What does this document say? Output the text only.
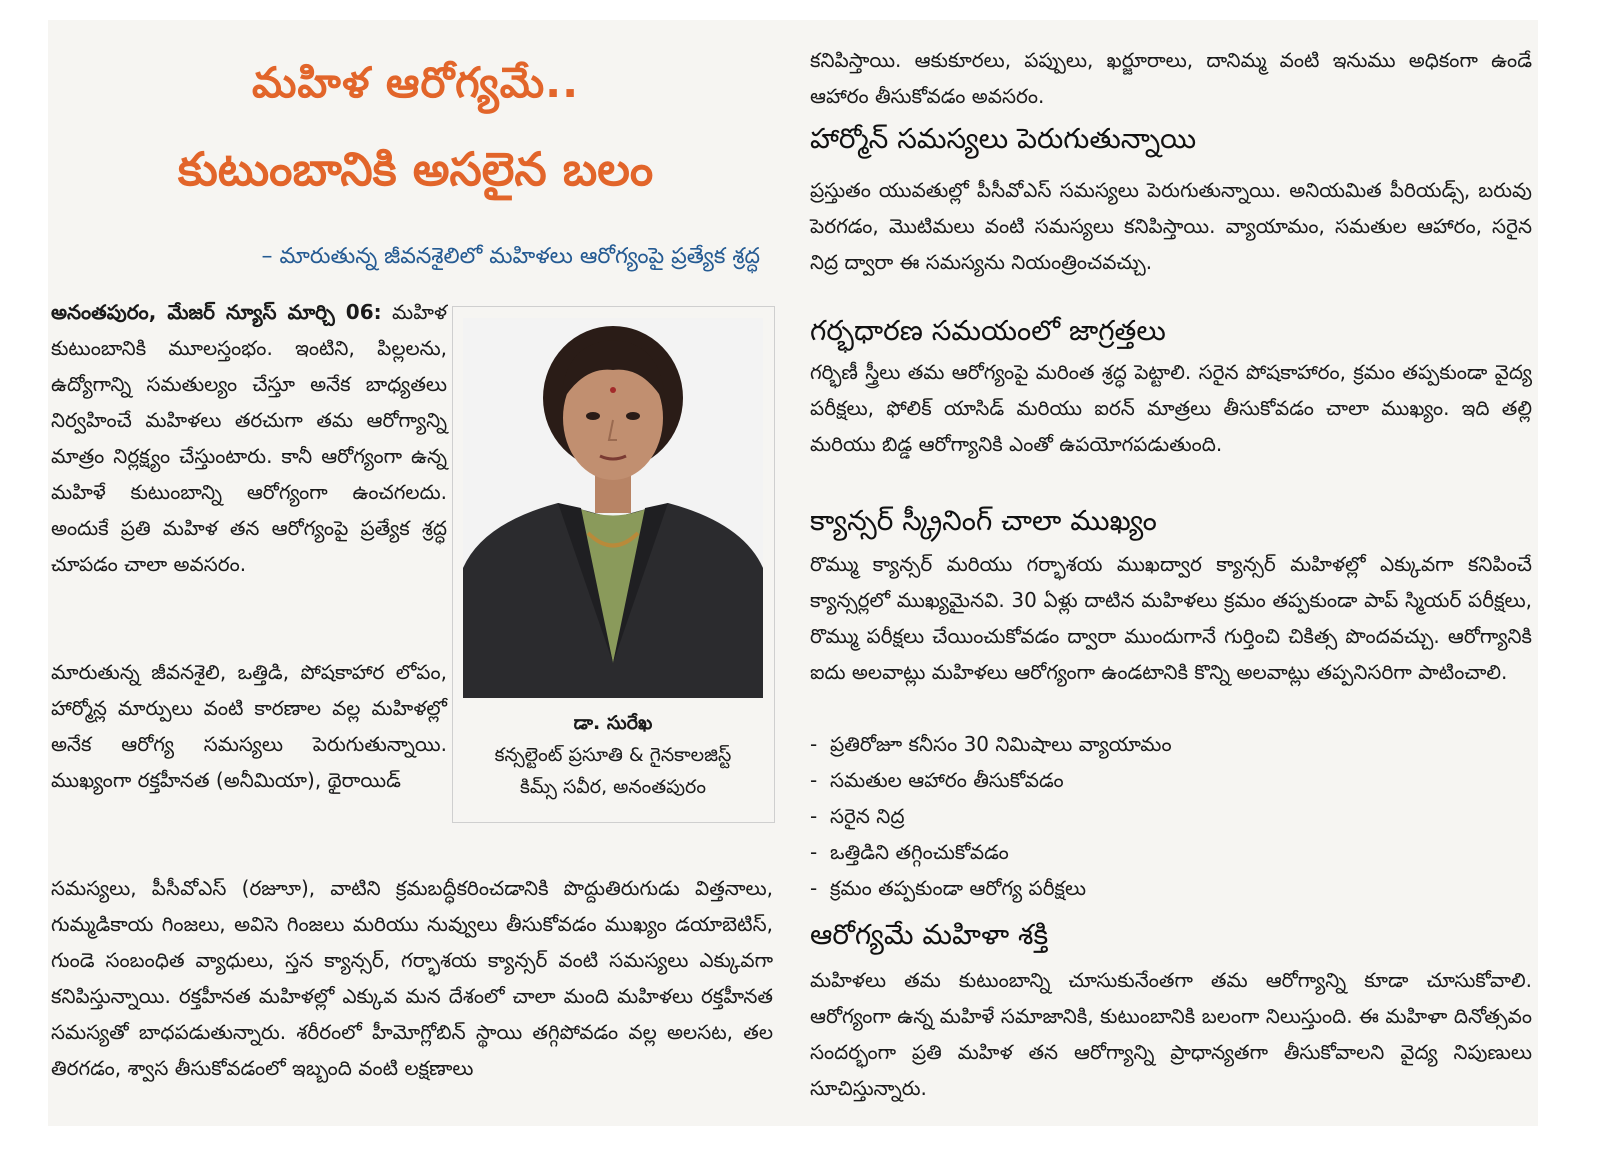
మహిళ ఆరోగ్యమే..
కుటుంబానికి అసలైన బలం
– మారుతున్న జీవనశైలిలో మహిళలు ఆరోగ్యంపై ప్రత్యేక శ్రద్ధ
అనంతపురం, మేజర్ న్యూస్ మార్చి 06: మహిళ కుటుంబానికి మూలస్తంభం. ఇంటిని, పిల్లలను, ఉద్యోగాన్ని సమతుల్యం చేస్తూ అనేక బాధ్యతలు నిర్వహించే మహిళలు తరచుగా తమ ఆరోగ్యాన్ని మాత్రం నిర్లక్ష్యం చేస్తుంటారు. కానీ ఆరోగ్యంగా ఉన్న మహిళే కుటుంబాన్ని ఆరోగ్యంగా ఉంచగలదు. అందుకే ప్రతి మహిళ తన ఆరోగ్యంపై ప్రత్యేక శ్రద్ధ చూపడం చాలా అవసరం.
మారుతున్న జీవనశైలి, ఒత్తిడి, పోషకాహార లోపం, హార్మోన్ల మార్పులు వంటి కారణాల వల్ల మహిళల్లో అనేక ఆరోగ్య సమస్యలు పెరుగుతున్నాయి. ముఖ్యంగా రక్తహీనత (అనీమియా), థైరాయిడ్
సమస్యలు, పీసీవోఎస్ (రజూూ), వాటిని క్రమబద్ధీకరించడానికి పొద్దుతిరుగుడు విత్తనాలు, గుమ్మడికాయ గింజలు, అవిసె గింజలు మరియు నువ్వులు తీసుకోవడం ముఖ్యం డయాబెటిస్, గుండె సంబంధిత వ్యాధులు, స్తన క్యాన్సర్, గర్భాశయ క్యాన్సర్ వంటి సమస్యలు ఎక్కువగా కనిపిస్తున్నాయి. రక్తహీనత మహిళల్లో ఎక్కువ మన దేశంలో చాలా మంది మహిళలు రక్తహీనత సమస్యతో బాధపడుతున్నారు. శరీరంలో హీమోగ్లోబిన్ స్థాయి తగ్గిపోవడం వల్ల అలసట, తల తిరగడం, శ్వాస తీసుకోవడంలో ఇబ్బంది వంటి లక్షణాలు
డా. సురేఖ
కన్సల్టెంట్ ప్రసూతి & గైనకాలజిస్ట్
కిమ్స్ సవీర, అనంతపురం
కనిపిస్తాయి. ఆకుకూరలు, పప్పులు, ఖర్జూరాలు, దానిమ్మ వంటి ఇనుము అధికంగా ఉండే ఆహారం తీసుకోవడం అవసరం.
హార్మోన్ సమస్యలు పెరుగుతున్నాయి
ప్రస్తుతం యువతుల్లో పీసీవోఎస్ సమస్యలు పెరుగుతున్నాయి. అనియమిత పీరియడ్స్, బరువు పెరగడం, మొటిమలు వంటి సమస్యలు కనిపిస్తాయి. వ్యాయామం, సమతుల ఆహారం, సరైన నిద్ర ద్వారా ఈ సమస్యను నియంత్రించవచ్చు.
గర్భధారణ సమయంలో జాగ్రత్తలు
గర్భిణీ స్త్రీలు తమ ఆరోగ్యంపై మరింత శ్రద్ధ పెట్టాలి. సరైన పోషకాహారం, క్రమం తప్పకుండా వైద్య పరీక్షలు, ఫోలిక్ యాసిడ్ మరియు ఐరన్ మాత్రలు తీసుకోవడం చాలా ముఖ్యం. ఇది తల్లి మరియు బిడ్డ ఆరోగ్యానికి ఎంతో ఉపయోగపడుతుంది.
క్యాన్సర్ స్క్రీనింగ్ చాలా ముఖ్యం
రొమ్ము క్యాన్సర్ మరియు గర్భాశయ ముఖద్వార క్యాన్సర్ మహిళల్లో ఎక్కువగా కనిపించే క్యాన్సర్లలో ముఖ్యమైనవి. 30 ఏళ్లు దాటిన మహిళలు క్రమం తప్పకుండా పాప్ స్మియర్ పరీక్షలు, రొమ్ము పరీక్షలు చేయించుకోవడం ద్వారా ముందుగానే గుర్తించి చికిత్స పొందవచ్చు. ఆరోగ్యానికి ఐదు అలవాట్లు మహిళలు ఆరోగ్యంగా ఉండటానికి కొన్ని అలవాట్లు తప్పనిసరిగా పాటించాలి.
- ప్రతిరోజూ కనీసం 30 నిమిషాలు వ్యాయామం
- సమతుల ఆహారం తీసుకోవడం
- సరైన నిద్ర
- ఒత్తిడిని తగ్గించుకోవడం
- క్రమం తప్పకుండా ఆరోగ్య పరీక్షలు
ఆరోగ్యమే మహిళా శక్తి
మహిళలు తమ కుటుంబాన్ని చూసుకునేంతగా తమ ఆరోగ్యాన్ని కూడా చూసుకోవాలి. ఆరోగ్యంగా ఉన్న మహిళే సమాజానికి, కుటుంబానికి బలంగా నిలుస్తుంది. ఈ మహిళా దినోత్సవం సందర్భంగా ప్రతి మహిళ తన ఆరోగ్యాన్ని ప్రాధాన్యతగా తీసుకోవాలని వైద్య నిపుణులు సూచిస్తున్నారు.
